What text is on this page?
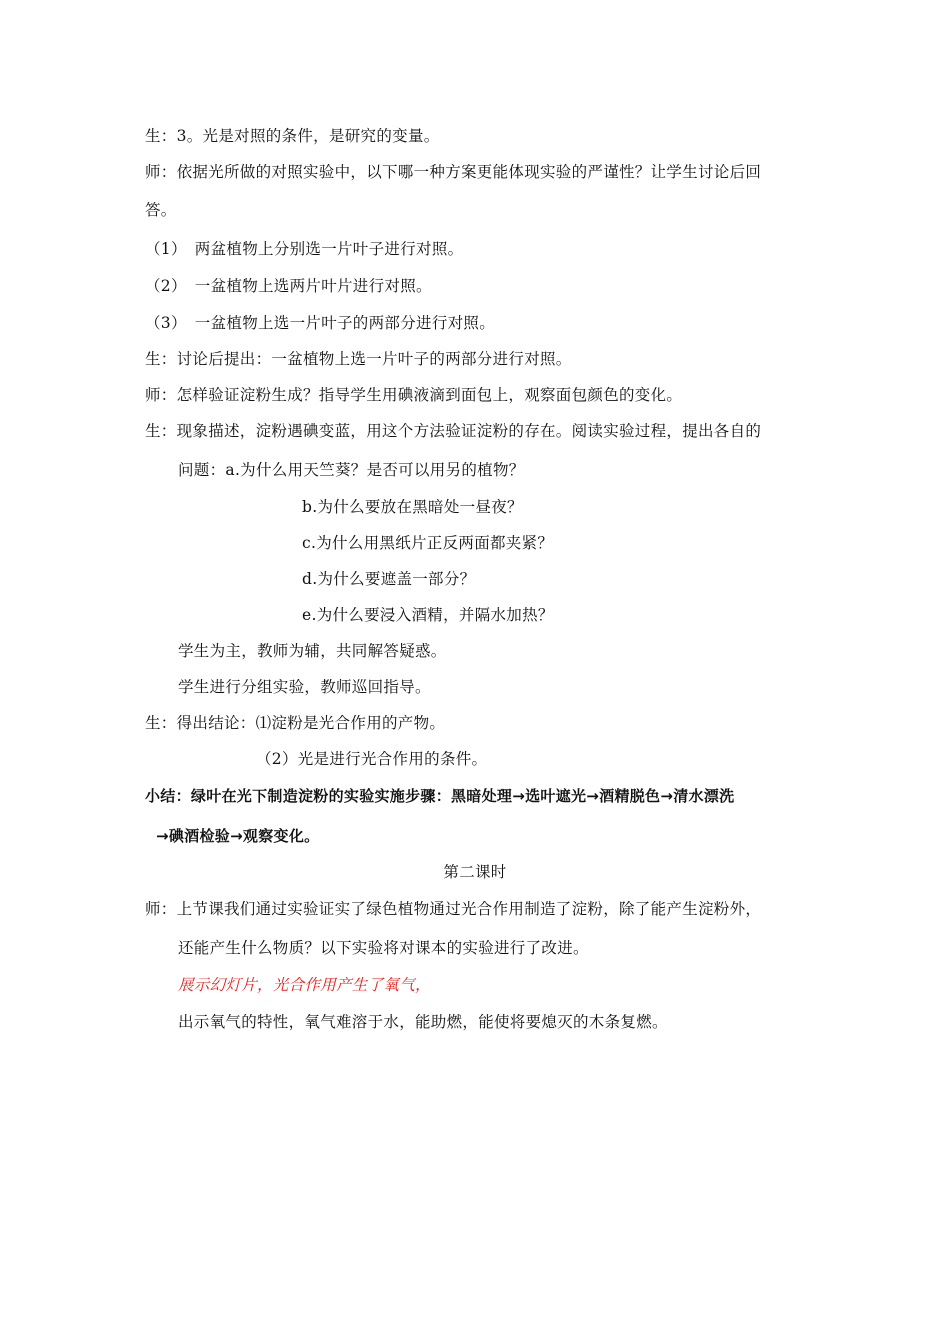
生：3。光是对照的条件，是研究的变量。
师：依据光所做的对照实验中，以下哪一种方案更能体现实验的严谨性？让学生讨论后回
答。
（1）　两盆植物上分别选一片叶子进行对照。
（2）　一盆植物上选两片叶片进行对照。
（3）　一盆植物上选一片叶子的两部分进行对照。
生：讨论后提出：一盆植物上选一片叶子的两部分进行对照。
师：怎样验证淀粉生成？指导学生用碘液滴到面包上，观察面包颜色的变化。
生：现象描述，淀粉遇碘变蓝，用这个方法验证淀粉的存在。阅读实验过程，提出各自的
问题：a.为什么用天竺葵？是否可以用另的植物？
b.为什么要放在黑暗处一昼夜？
c.为什么用黑纸片正反两面都夹紧？
d.为什么要遮盖一部分？
e.为什么要浸入酒精，并隔水加热？
学生为主，教师为辅，共同解答疑惑。
学生进行分组实验，教师巡回指导。
生：得出结论：⑴淀粉是光合作用的产物。
（2）光是进行光合作用的条件。
小结：绿叶在光下制造淀粉的实验实施步骤：黑暗处理→选叶遮光→酒精脱色→清水漂洗
→碘酒检验→观察变化。
第二课时
师：上节课我们通过实验证实了绿色植物通过光合作用制造了淀粉，除了能产生淀粉外，
还能产生什么物质？以下实验将对课本的实验进行了改进。
展示幻灯片，光合作用产生了氧气，
出示氧气的特性，氧气难溶于水，能助燃，能使将要熄灭的木条复燃。
